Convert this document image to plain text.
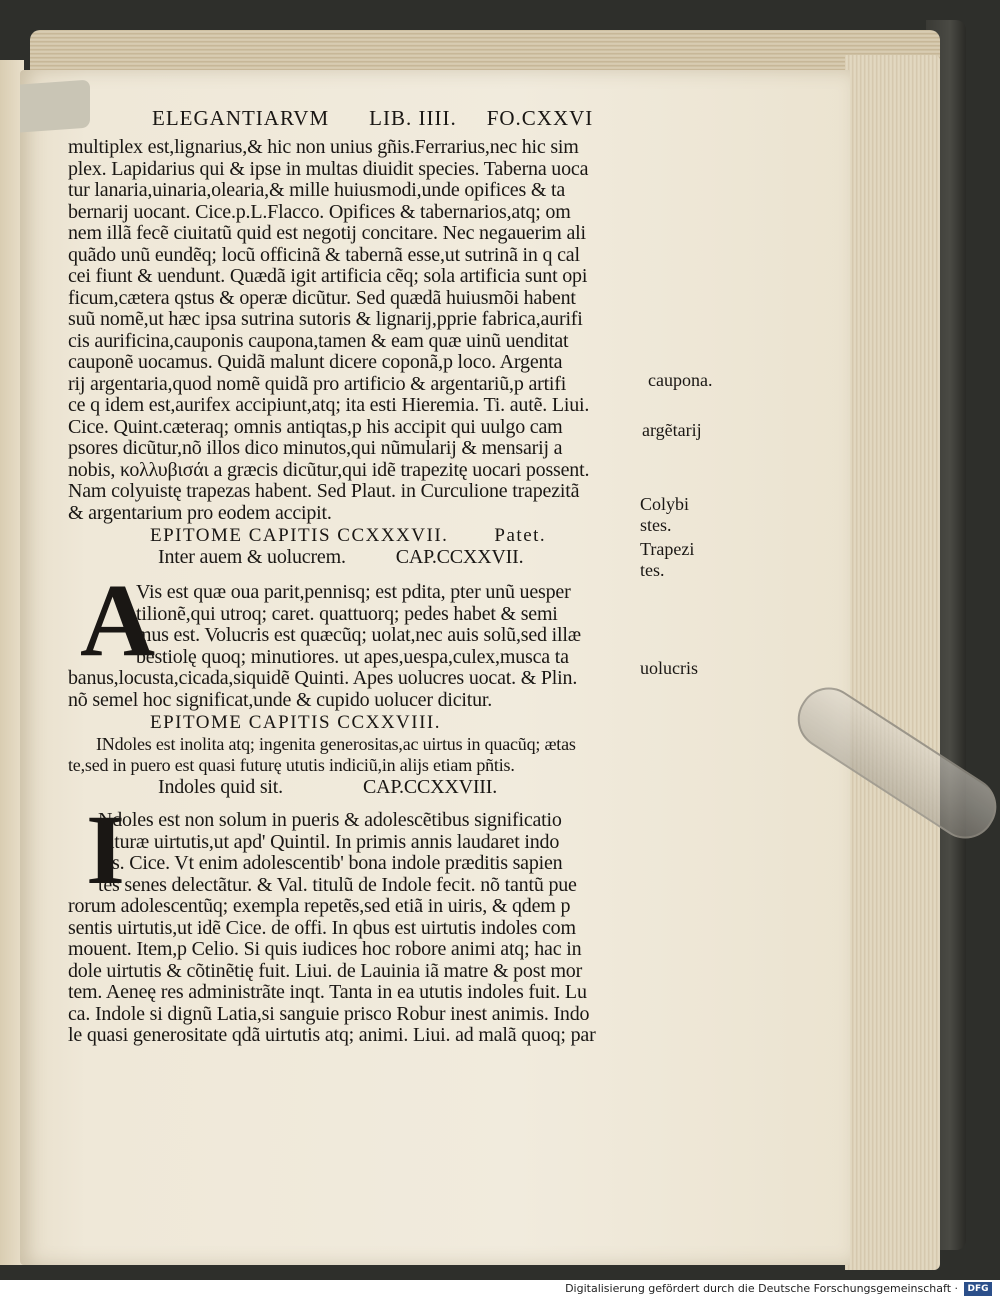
ELEGANTIARVM LIB. IIII. FO.CXXVI
multiplex est,lignarius,& hic non unius gñis.Ferrarius,nec hic sim
plex. Lapidarius qui & ipse in multas diuidit species. Taberna uoca
tur lanaria,uinaria,olearia,& mille huiusmodi,unde opifices & ta
bernarij uocant. Cice.p.L.Flacco. Opifices & tabernarios,atq; om
nem illã fecẽ ciuitatũ quid est negotij concitare. Nec negauerim ali
quãdo unũ eundẽq; locũ officinã & tabernã esse,ut sutrinã in q cal
cei fiunt & uendunt. Quædã igit artificia cẽq; sola artificia sunt opi
ficum,cætera qstus & operæ dicũtur. Sed quædã huiusmõi habent
suũ nomẽ,ut hæc ipsa sutrina sutoris & lignarij,pprie fabrica,aurifi
cis aurificina,cauponis caupona,tamen & eam quæ uinũ uenditat
cauponẽ uocamus. Quidã malunt dicere coponã,p loco. Argenta
rij argentaria,quod nomẽ quidã pro artificio & argentariũ,p artifi
ce q idem est,aurifex accipiunt,atq; ita esti Hieremia. Ti. autẽ. Liui.
Cice. Quint.cæteraq; omnis antiqtas,p his accipit qui uulgo cam
psores dicũtur,nõ illos dico minutos,qui nũmularij & mensarij a
nobis, κολλυβισάι a græcis dicũtur,qui idẽ trapezitę uocari possent.
Nam colyuistę trapezas habent. Sed Plaut. in Curculione trapezitã
& argentarium pro eodem accipit.
EPITOME CAPITIS CCXXXVII. Patet.
Inter auem & uolucrem.	CAP.CCXXVII.
A
Vis est quæ oua parit,pennisq; est pdita, pter unũ uesper
tilionẽ,qui utroq; caret. quattuorq; pedes habet & semi
mus est. Volucris est quæcũq; uolat,nec auis solũ,sed illæ
bestiolę quoq; minutiores. ut apes,uespa,culex,musca ta
banus,locusta,cicada,siquidẽ Quinti. Apes uolucres uocat. & Plin.
nõ semel hoc significat,unde & cupido uolucer dicitur.
EPITOME CAPITIS CCXXVIII.
INdoles est inolita atq; ingenita generositas,ac uirtus in quacũq; ætas
te,sed in puero est quasi futurę ututis indiciũ,in alijs etiam pñtis.
Indoles quid sit.	CAP.CCXXVIII.
I
Ndoles est non solum in pueris & adolescẽtibus significatio
futuræ uirtutis,ut apd' Quintil. In primis annis laudaret indo
les. Cice. Vt enim adolescentib' bona indole præditis sapien
tes senes delectãtur. & Val. titulũ de Indole fecit. nõ tantũ pue
rorum adolescentũq; exempla repetẽs,sed etiã in uiris, & qdem p
sentis uirtutis,ut idẽ Cice. de offi. In qbus est uirtutis indoles com
mouent. Item,p Celio. Si quis iudices hoc robore animi atq; hac in
dole uirtutis & cõtinẽtię fuit. Liui. de Lauinia iã matre & post mor
tem. Aeneę res administrãte inqt. Tanta in ea ututis indoles fuit. Lu
ca. Indole si dignũ Latia,si sanguie prisco Robur inest animis. Indo
le quasi generositate qdã uirtutis atq; animi. Liui. ad malã quoq; par
caupona.
argẽtarij
Colybi
stes.
Trapezi
tes.
uolucris
Digitalisierung gefördert durch die Deutsche Forschungsgemeinschaft ·	DFG
